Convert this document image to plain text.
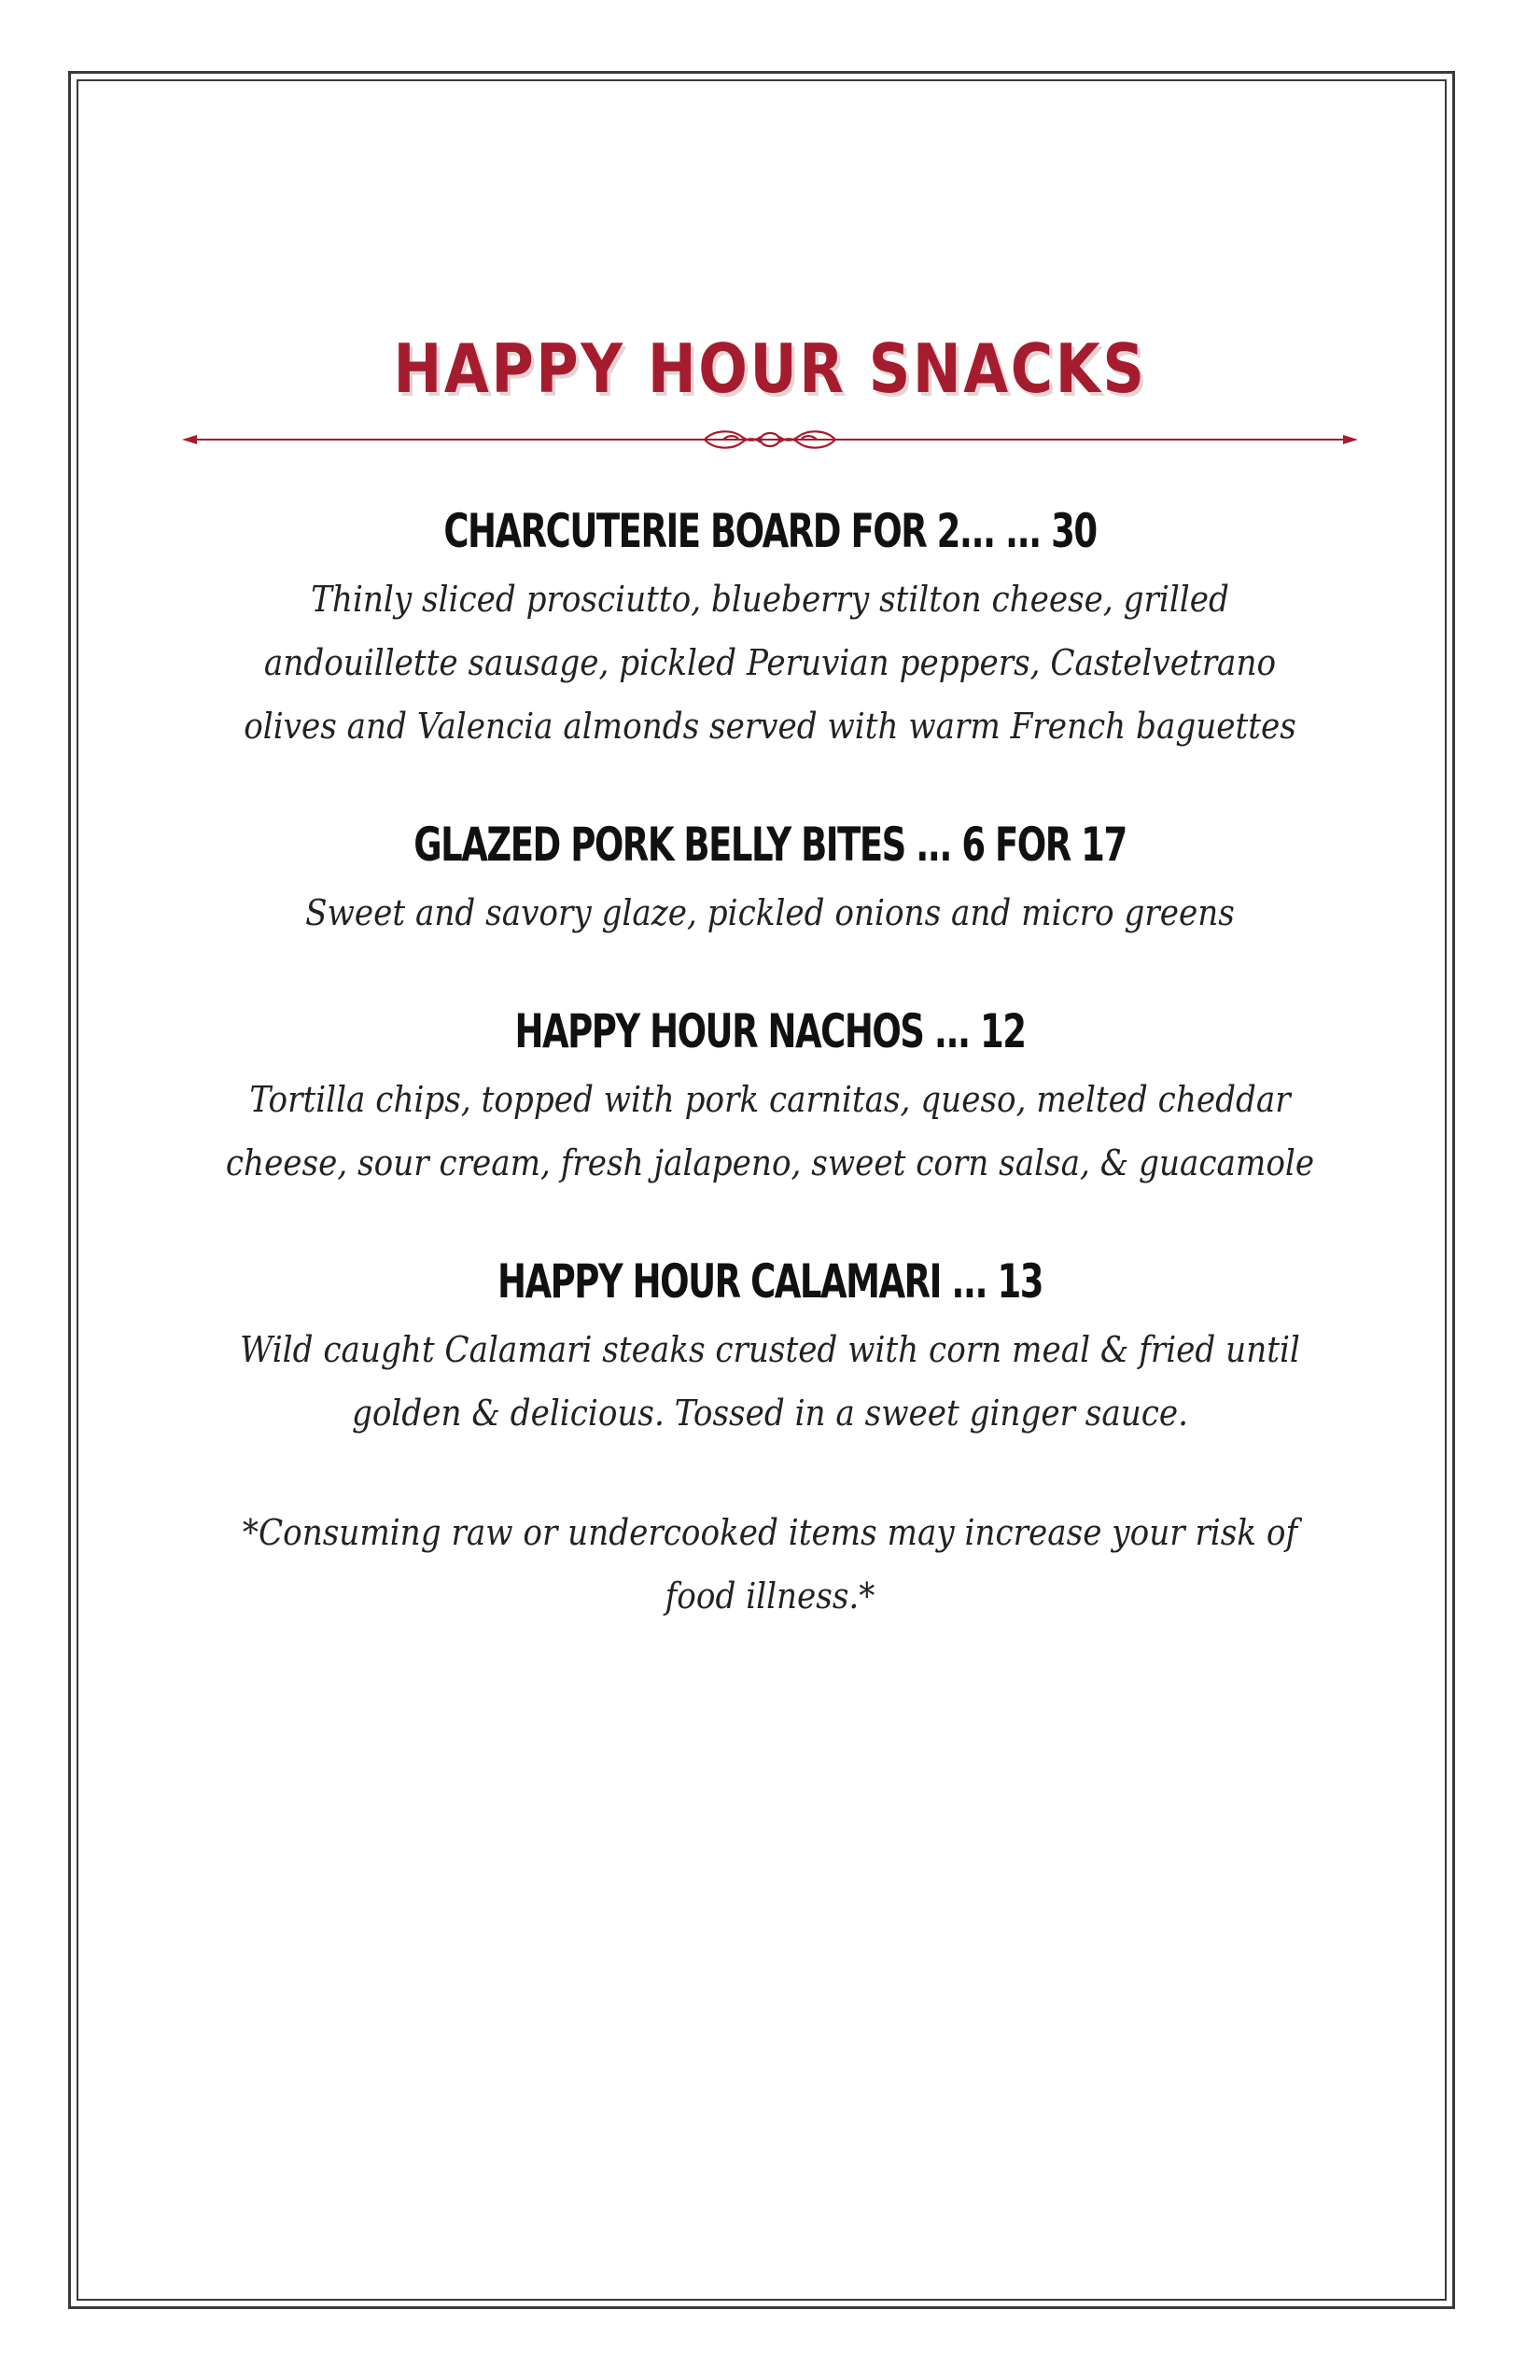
HAPPY HOUR SNACKS
CHARCUTERIE BOARD FOR 2... ... 30
Thinly sliced prosciutto, blueberry stilton cheese, grilled andouillette sausage, pickled Peruvian peppers, Castelvetrano olives and Valencia almonds served with warm French baguettes
GLAZED PORK BELLY BITES ... 6 FOR 17
Sweet and savory glaze, pickled onions and micro greens
HAPPY HOUR NACHOS ... 12
Tortilla chips, topped with pork carnitas, queso, melted cheddar cheese, sour cream, fresh jalapeno, sweet corn salsa, & guacamole
HAPPY HOUR CALAMARI ... 13
Wild caught Calamari steaks crusted with corn meal & fried until golden & delicious. Tossed in a sweet ginger sauce.
*Consuming raw or undercooked items may increase your risk of food illness.*
